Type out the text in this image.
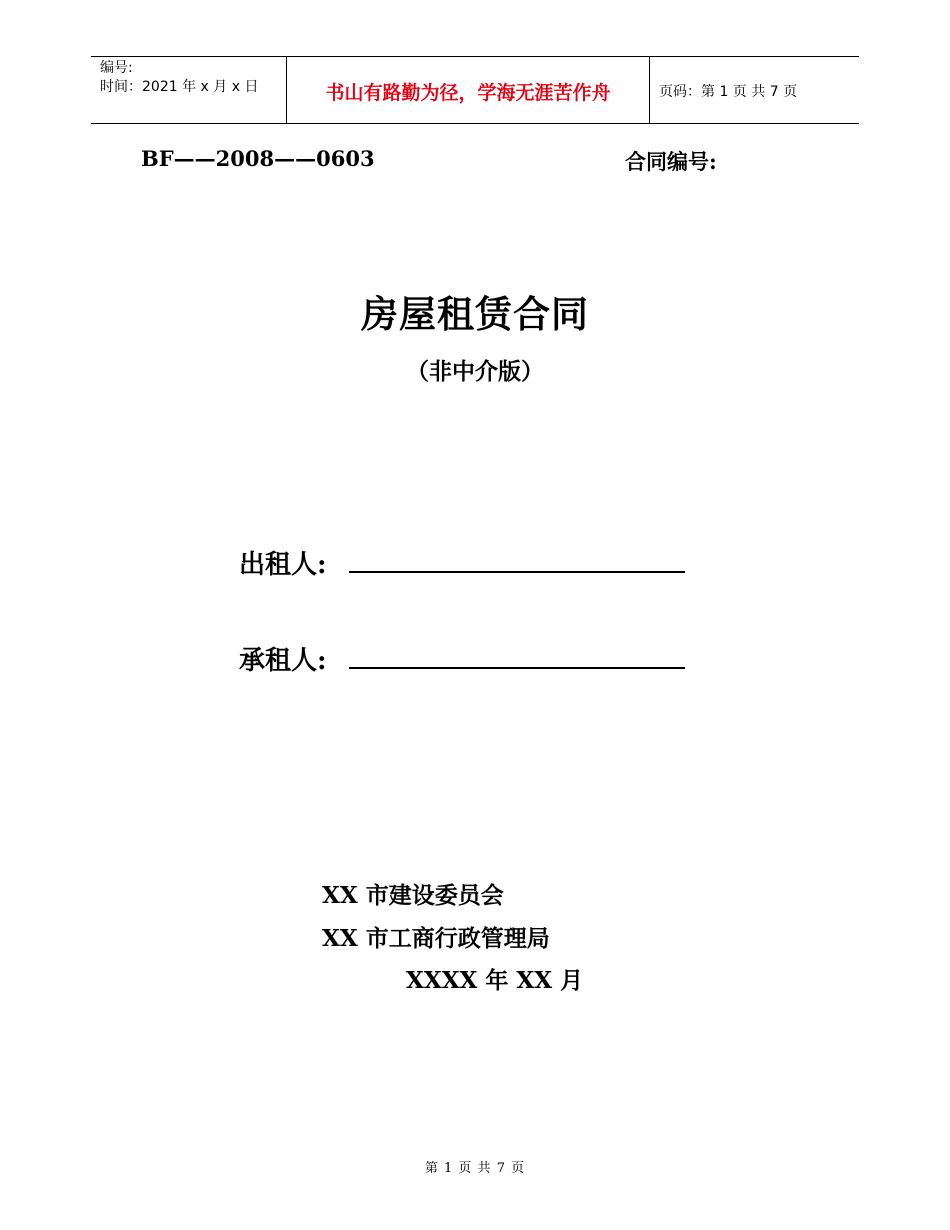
编号:
时间：2021 年 x 月 x 日	书山有路勤为径，学海无涯苦作舟	页码：第 1 页 共 7 页
BF——2008——0603	合同编号:
房屋租赁合同
（非中介版）
出租人:
承租人:
XX 市建设委员会
XX 市工商行政管理局
XXXX 年 XX 月
第 1 页 共 7 页
